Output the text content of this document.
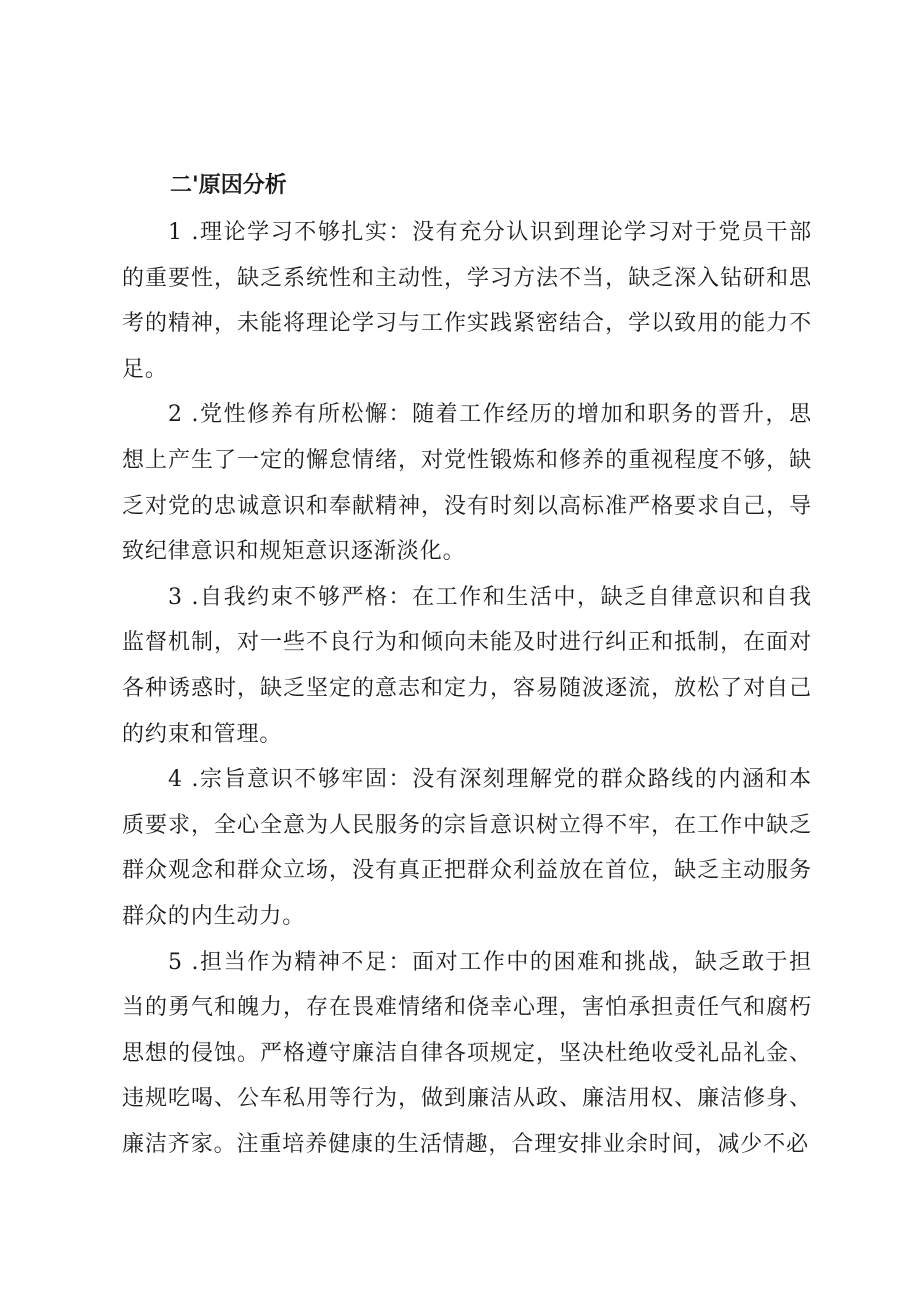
二'原因分析

1 .理论学习不够扎实：没有充分认识到理论学习对于党员干部的重要性，缺乏系统性和主动性，学习方法不当，缺乏深入钻研和思考的精神，未能将理论学习与工作实践紧密结合，学以致用的能力不足。

2 .党性修养有所松懈：随着工作经历的增加和职务的晋升，思想上产生了一定的懈怠情绪，对党性锻炼和修养的重视程度不够，缺乏对党的忠诚意识和奉献精神，没有时刻以高标准严格要求自己，导致纪律意识和规矩意识逐渐淡化。

3 .自我约束不够严格：在工作和生活中，缺乏自律意识和自我监督机制，对一些不良行为和倾向未能及时进行纠正和抵制，在面对各种诱惑时，缺乏坚定的意志和定力，容易随波逐流，放松了对自己的约束和管理。

4 .宗旨意识不够牢固：没有深刻理解党的群众路线的内涵和本质要求，全心全意为人民服务的宗旨意识树立得不牢，在工作中缺乏群众观念和群众立场，没有真正把群众利益放在首位，缺乏主动服务群众的内生动力。

5 .担当作为精神不足：面对工作中的困难和挑战，缺乏敢于担当的勇气和魄力，存在畏难情绪和侥幸心理，害怕承担责任气和腐朽思想的侵蚀。严格遵守廉洁自律各项规定，坚决杜绝收受礼品礼金、违规吃喝、公车私用等行为，做到廉洁从政、廉洁用权、廉洁修身、廉洁齐家。注重培养健康的生活情趣，合理安排业余时间，减少不必
